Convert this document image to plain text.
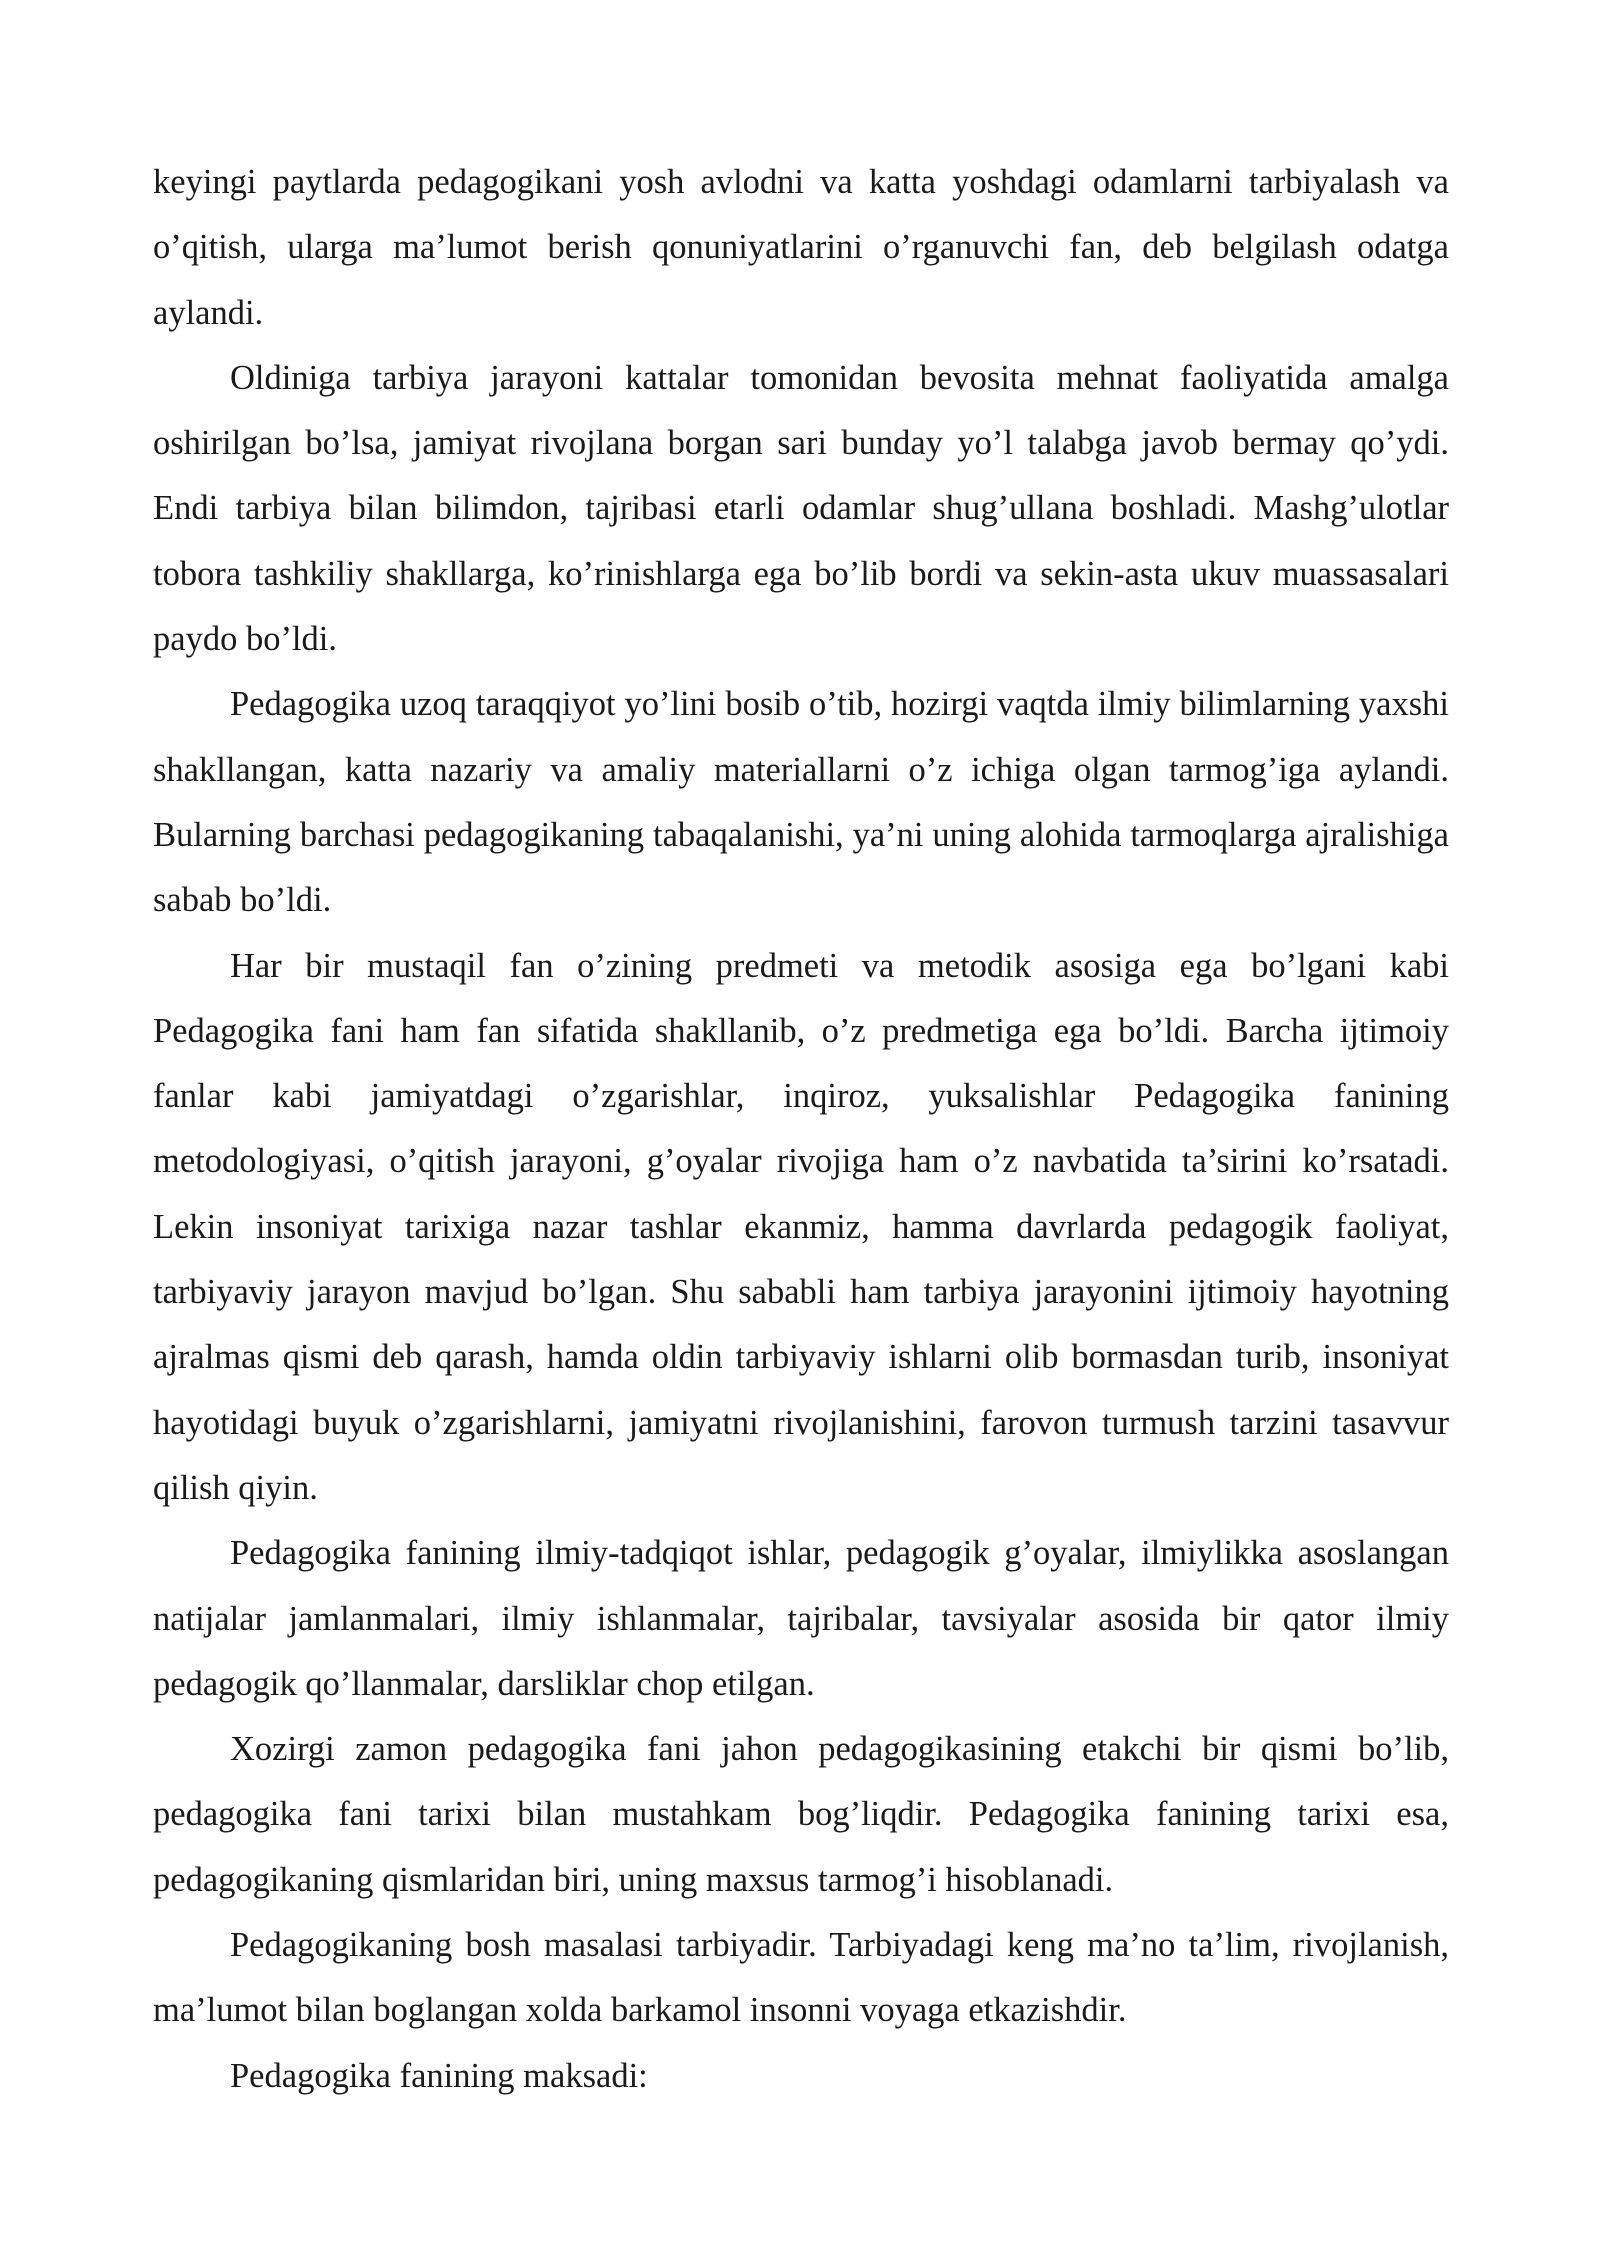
keyingi paytlarda pedagogikani yosh avlodni va katta yoshdagi odamlarni tarbiyalash va o’qitish, ularga ma’lumot berish qonuniyatlarini o’rganuvchi fan, deb belgilash odatga aylandi.

Oldiniga tarbiya jarayoni kattalar tomonidan bevosita mehnat faoliyatida amalga oshirilgan bo’lsa, jamiyat rivojlana borgan sari bunday yo’l talabga javob bermay qo’ydi. Endi tarbiya bilan bilimdon, tajribasi etarli odamlar shug’ullana boshladi. Mashg’ulotlar tobora tashkiliy shakllarga, ko’rinishlarga ega bo’lib bordi va sekin-asta ukuv muassasalari paydo bo’ldi.

Pedagogika uzoq taraqqiyot yo’lini bosib o’tib, hozirgi vaqtda ilmiy bilimlarning yaxshi shakllangan, katta nazariy va amaliy materiallarni o’z ichiga olgan tarmog’iga aylandi. Bularning barchasi pedagogikaning tabaqalanishi, ya’ni uning alohida tarmoqlarga ajralishiga sabab bo’ldi.

Har bir mustaqil fan o’zining predmeti va metodik asosiga ega bo’lgani kabi Pedagogika fani ham fan sifatida shakllanib, o’z predmetiga ega bo’ldi. Barcha ijtimoiy fanlar kabi jamiyatdagi o’zgarishlar, inqiroz, yuksalishlar Pedagogika fanining metodologiyasi, o’qitish jarayoni, g’oyalar rivojiga ham o’z navbatida ta’sirini ko’rsatadi. Lekin insoniyat tarixiga nazar tashlar ekanmiz, hamma davrlarda pedagogik faoliyat, tarbiyaviy jarayon mavjud bo’lgan. Shu sababli ham tarbiya jarayonini ijtimoiy hayotning ajralmas qismi deb qarash, hamda oldin tarbiyaviy ishlarni olib bormasdan turib, insoniyat hayotidagi buyuk o’zgarishlarni, jamiyatni rivojlanishini, farovon turmush tarzini tasavvur qilish qiyin.

Pedagogika fanining ilmiy-tadqiqot ishlar, pedagogik g’oyalar, ilmiylikka asoslangan natijalar jamlanmalari, ilmiy ishlanmalar, tajribalar, tavsiyalar asosida bir qator ilmiy pedagogik qo’llanmalar, darsliklar chop etilgan.

Xozirgi zamon pedagogika fani jahon pedagogikasining etakchi bir qismi bo’lib, pedagogika fani tarixi bilan mustahkam bog’liqdir. Pedagogika fanining tarixi esa, pedagogikaning qismlaridan biri, uning maxsus tarmog’i hisoblanadi.

Pedagogikaning bosh masalasi tarbiyadir. Tarbiyadagi keng ma’no ta’lim, rivojlanish, ma’lumot bilan boglangan xolda barkamol insonni voyaga etkazishdir.

Pedagogika fanining maksadi:
